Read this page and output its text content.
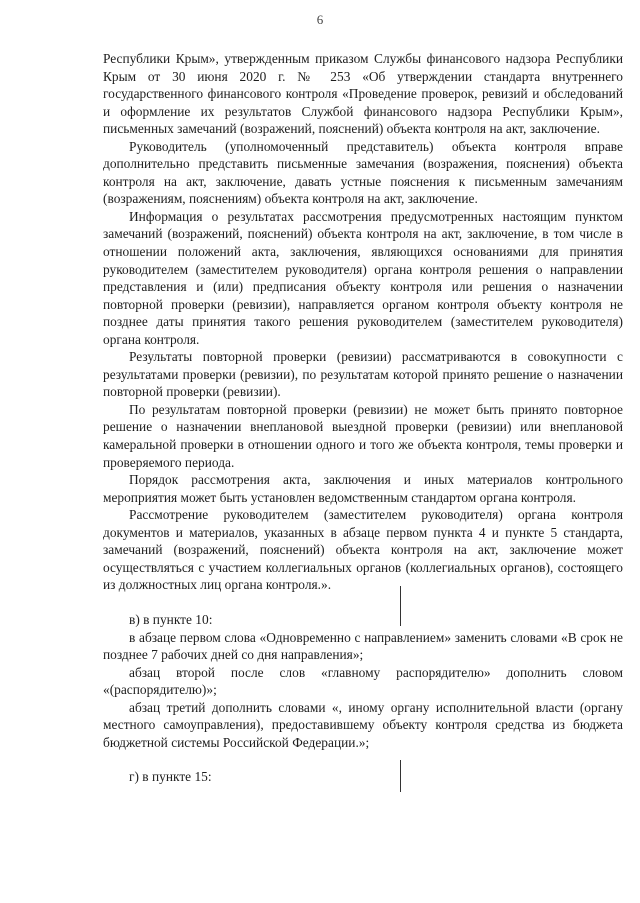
6

Республики Крым», утвержденным приказом Службы финансового надзора Республики Крым от 30 июня 2020 г. № 253 «Об утверждении стандарта внутреннего государственного финансового контроля «Проведение проверок, ревизий и обследований и оформление их результатов Службой финансового надзора Республики Крым», письменных замечаний (возражений, пояснений) объекта контроля на акт, заключение.

Руководитель (уполномоченный представитель) объекта контроля вправе дополнительно представить письменные замечания (возражения, пояснения) объекта контроля на акт, заключение, давать устные пояснения к письменным замечаниям (возражениям, пояснениям) объекта контроля на акт, заключение.

Информация о результатах рассмотрения предусмотренных настоящим пунктом замечаний (возражений, пояснений) объекта контроля на акт, заключение, в том числе в отношении положений акта, заключения, являющихся основаниями для принятия руководителем (заместителем руководителя) органа контроля решения о направлении представления и (или) предписания объекту контроля или решения о назначении повторной проверки (ревизии), направляется органом контроля объекту контроля не позднее даты принятия такого решения руководителем (заместителем руководителя) органа контроля.

Результаты повторной проверки (ревизии) рассматриваются в совокупности с результатами проверки (ревизии), по результатам которой принято решение о назначении повторной проверки (ревизии).

По результатам повторной проверки (ревизии) не может быть принято повторное решение о назначении внеплановой выездной проверки (ревизии) или внеплановой камеральной проверки в отношении одного и того же объекта контроля, темы проверки и проверяемого периода.

Порядок рассмотрения акта, заключения и иных материалов контрольного мероприятия может быть установлен ведомственным стандартом органа контроля.

Рассмотрение руководителем (заместителем руководителя) органа контроля документов и материалов, указанных в абзаце первом пункта 4 и пункте 5 стандарта, замечаний (возражений, пояснений) объекта контроля на акт, заключение может осуществляться с участием коллегиальных органов (коллегиальных органов), состоящего из должностных лиц органа контроля.».

в) в пункте 10:

в абзаце первом слова «Одновременно с направлением» заменить словами «В срок не позднее 7 рабочих дней со дня направления»;

абзац второй после слов «главному распорядителю» дополнить словом «(распорядителю)»;

абзац третий дополнить словами «, иному органу исполнительной власти (органу местного самоуправления), предоставившему объекту контроля средства из бюджета бюджетной системы Российской Федерации.»;

г) в пункте 15:
